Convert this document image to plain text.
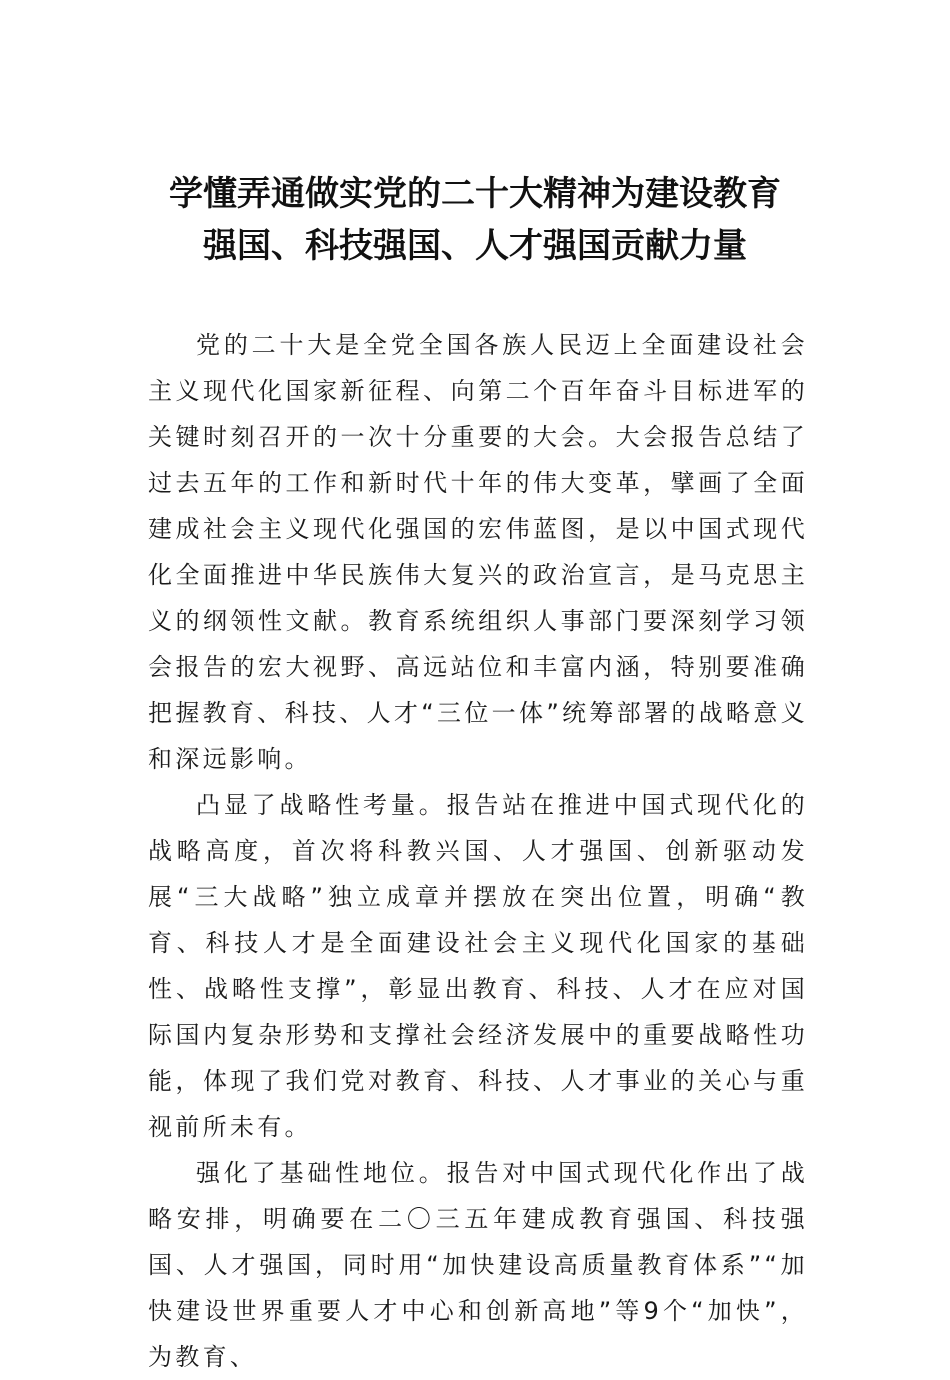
学懂弄通做实党的二十大精神为建设教育
强国、科技强国、人才强国贡献力量

党的二十大是全党全国各族人民迈上全面建设社会主义现代化国家新征程、向第二个百年奋斗目标进军的关键时刻召开的一次十分重要的大会。大会报告总结了过去五年的工作和新时代十年的伟大变革，擘画了全面建成社会主义现代化强国的宏伟蓝图，是以中国式现代化全面推进中华民族伟大复兴的政治宣言，是马克思主义的纲领性文献。教育系统组织人事部门要深刻学习领会报告的宏大视野、高远站位和丰富内涵，特别要准确把握教育、科技、人才“三位一体”统筹部署的战略意义和深远影响。

凸显了战略性考量。报告站在推进中国式现代化的战略高度，首次将科教兴国、人才强国、创新驱动发展“三大战略”独立成章并摆放在突出位置，明确“教育、科技人才是全面建设社会主义现代化国家的基础性、战略性支撑”，彰显出教育、科技、人才在应对国际国内复杂形势和支撑社会经济发展中的重要战略性功能，体现了我们党对教育、科技、人才事业的关心与重视前所未有。

强化了基础性地位。报告对中国式现代化作出了战略安排，明确要在二〇三五年建成教育强国、科技强国、人才强国，同时用“加快建设高质量教育体系”“加快建设世界重要人才中心和创新高地”等9个“加快”，为教育、
